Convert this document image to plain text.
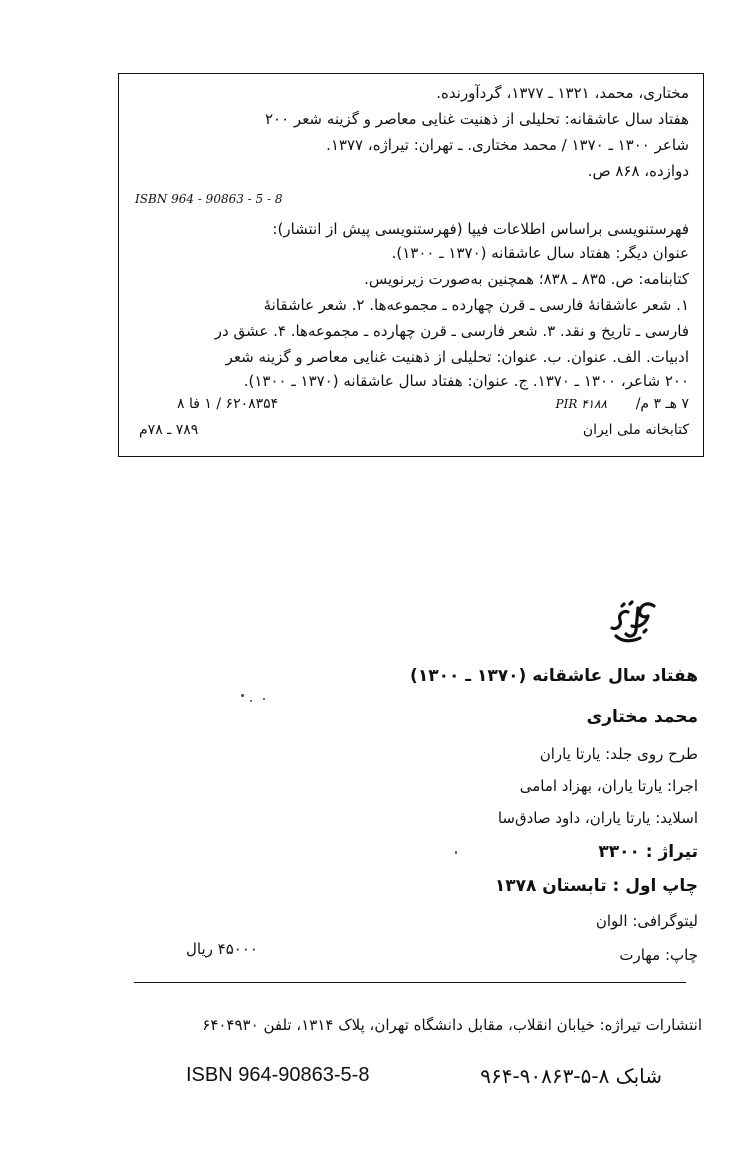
مختاری، محمد، ۱۳۲۱ ـ ۱۳۷۷، گردآورنده.
هفتاد سال عاشقانه: تحلیلی از ذهنیت غنایی معاصر و گزینه شعر ۲۰۰
شاعر ۱۳۰۰ ـ ۱۳۷۰ / محمد مختاری. ـ تهران: تیراژه، ۱۳۷۷.
دوازده، ۸۶۸ ص.
ISBN 964 - 90863 - 5 - 8
فهرستنویسی براساس اطلاعات فیپا (فهرستنویسی پیش از انتشار):
عنوان دیگر: هفتاد سال عاشقانه (۱۳۷۰ ـ ۱۳۰۰).
کتابنامه: ص. ۸۳۵ ـ ۸۳۸؛ همچنین به‌صورت زیرنویس.
۱. شعر عاشقانهٔ فارسی ـ قرن چهارده ـ مجموعه‌ها. ۲. شعر عاشقانهٔ
فارسی ـ تاریخ و نقد. ۳. شعر فارسی ـ قرن چهارده ـ مجموعه‌ها. ۴. عشق در
ادبیات. الف. عنوان. ب. عنوان: تحلیلی از ذهنیت غنایی معاصر و گزینه شعر
۲۰۰ شاعر، ۱۳۰۰ ـ ۱۳۷۰. ج. عنوان: هفتاد سال عاشقانه (۱۳۷۰ ـ ۱۳۰۰).
۷ هـ ۳ م/
PIR ۴۱۸۸
۶۲۰۸۳۵۴ / ۱ فا ۸
کتابخانه ملی ایران
۷۸۹ ـ ۷۸م
هفتاد سال عاشقانه (۱۳۷۰ ـ ۱۳۰۰)
محمد مختاری
طرح روی جلد: یارتا یاران
اجرا: یارتا یاران، بهزاد امامی
اسلاید: یارتا یاران، داود صادق‌سا
تیراژ : ۳۳۰۰
چاپ اول : تابستان ۱۳۷۸
لیتوگرافی: الوان
چاپ: مهارت
۴۵۰۰۰ ریال
انتشارات تیراژه: خیابان انقلاب، مقابل دانشگاه تهران، پلاک ۱۳۱۴، تلفن ۶۴۰۴۹۳۰
شابک ۸-۵-۹۰۸۶۳-۹۶۴
ISBN 964-90863-5-8
